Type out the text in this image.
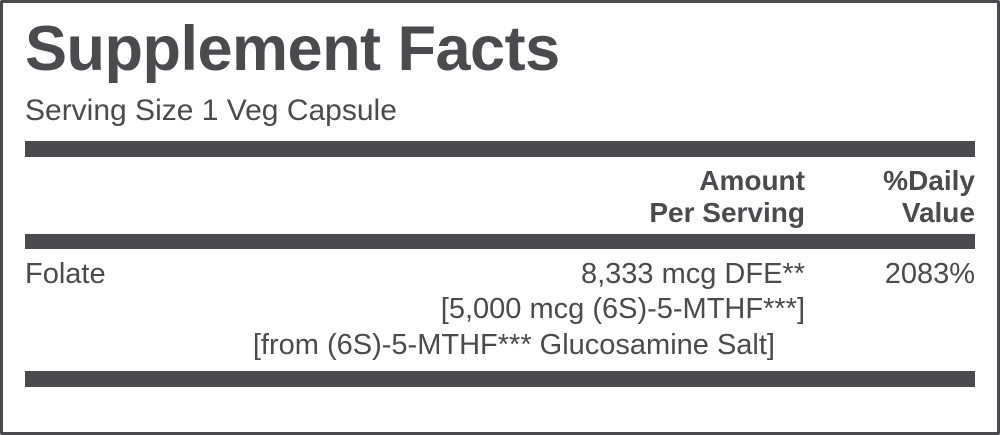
Supplement Facts
Serving Size 1 Veg Capsule
Amount
Per Serving
%Daily
Value
Folate	8,333 mcg DFE**	2083%
[5,000 mcg (6S)-5-MTHF***]
[from (6S)-5-MTHF*** Glucosamine Salt]
